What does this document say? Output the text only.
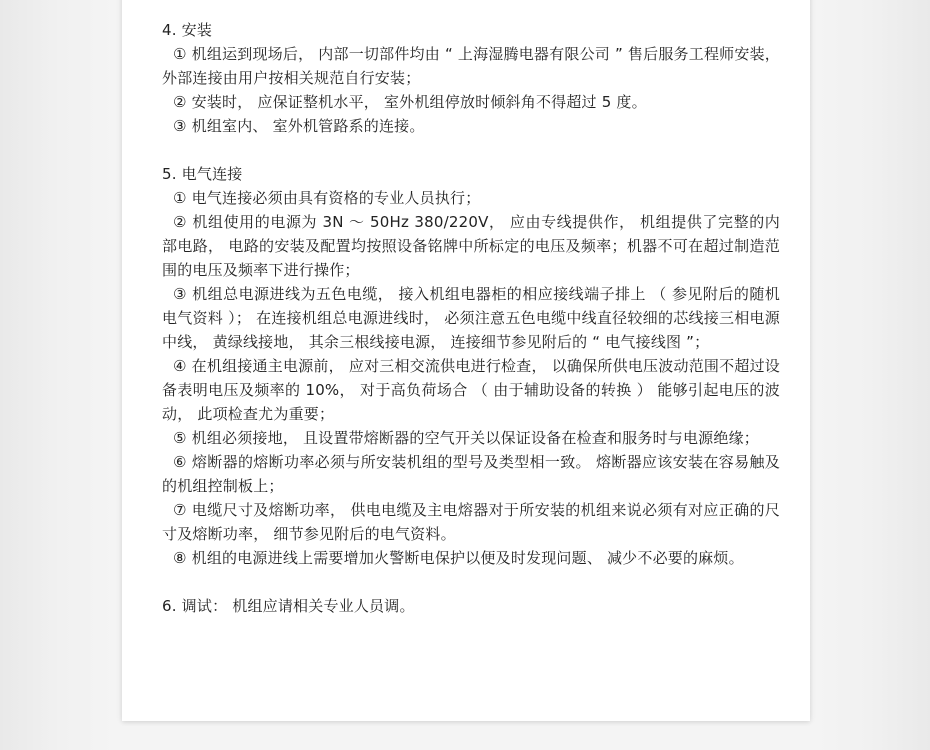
4. 安装

① 机组运到现场后， 内部一切部件均由 “ 上海湿腾电器有限公司 ” 售后服务工程师安装， 外部连接由用户按相关规范自行安装；

② 安装时， 应保证整机水平， 室外机组停放时倾斜角不得超过 5 度。

③ 机组室内、 室外机管路系的连接。

5. 电气连接

① 电气连接必须由具有资格的专业人员执行；

② 机组使用的电源为 3N ～ 50Hz 380/220V， 应由专线提供作， 机组提供了完整的内部电路， 电路的安装及配置均按照设备铭牌中所标定的电压及频率；机器不可在超过制造范围的电压及频率下进行操作；

③ 机组总电源进线为五色电缆， 接入机组电器柜的相应接线端子排上 （ 参见附后的随机电气资料 ）； 在连接机组总电源进线时， 必须注意五色电缆中线直径较细的芯线接三相电源中线， 黄绿线接地， 其余三根线接电源， 连接细节参见附后的 “ 电气接线图 ”；

④ 在机组接通主电源前， 应对三相交流供电进行检查， 以确保所供电压波动范围不超过设备表明电压及频率的 10%， 对于高负荷场合 （ 由于辅助设备的转换 ） 能够引起电压的波动， 此项检查尤为重要；

⑤ 机组必须接地， 且设置带熔断器的空气开关以保证设备在检查和服务时与电源绝缘；

⑥ 熔断器的熔断功率必须与所安装机组的型号及类型相一致。 熔断器应该安装在容易触及的机组控制板上；

⑦ 电缆尺寸及熔断功率， 供电电缆及主电熔器对于所安装的机组来说必须有对应正确的尺寸及熔断功率， 细节参见附后的电气资料。

⑧ 机组的电源进线上需要增加火警断电保护以便及时发现问题、 减少不必要的麻烦。

6. 调试： 机组应请相关专业人员调。
